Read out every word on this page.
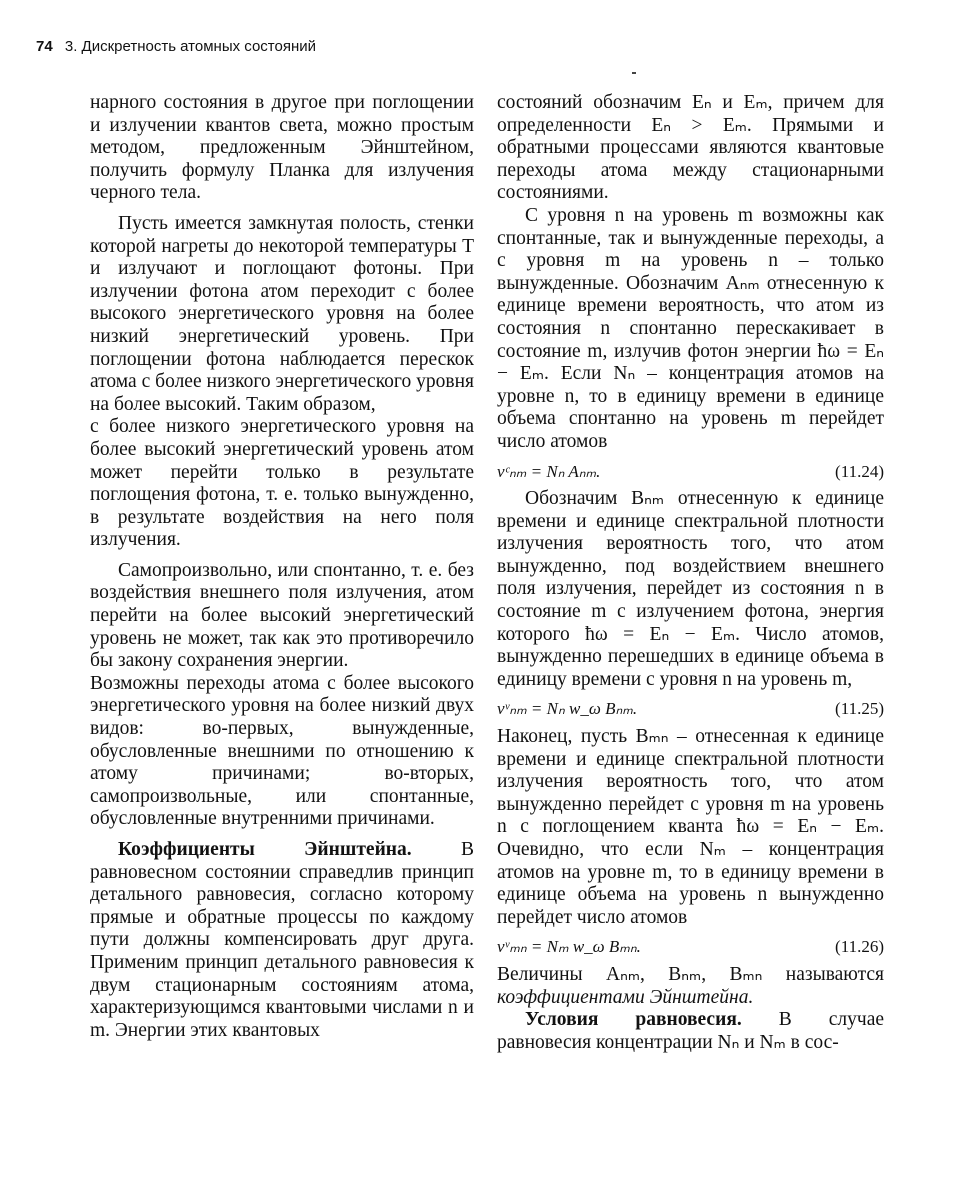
74 3. Дискретность атомных состояний

нарного состояния в другое при поглощении и излучении квантов света, можно простым методом, предложенным Эйнштейном, получить формулу Планка для излучения черного тела.

Пусть имеется замкнутая полость, стенки которой нагреты до некоторой температуры T и излучают и поглощают фотоны. При излучении фотона атом переходит с более высокого энергетического уровня на более низкий энергетический уровень. При поглощении фотона наблюдается перескок атома с более низкого энергетического уровня на более высокий. Таким образом,

с более низкого энергетического уровня на более высокий энергетический уровень атом может перейти только в результате поглощения фотона, т. е. только вынужденно, в результате воздействия на него поля излучения.

Самопроизвольно, или спонтанно, т. е. без воздействия внешнего поля излучения, атом перейти на более высокий энергетический уровень не может, так как это противоречило бы закону сохранения энергии.

Возможны переходы атома с более высокого энергетического уровня на более низкий двух видов: во-первых, вынужденные, обусловленные внешними по отношению к атому причинами; во-вторых, самопроизвольные, или спонтанные, обусловленные внутренними причинами.

Коэффициенты Эйнштейна. В равновесном состоянии справедлив принцип детального равновесия, согласно которому прямые и обратные процессы по каждому пути должны компенсировать друг друга. Применим принцип детального равновесия к двум стационарным состояниям атома, характеризующимся квантовыми числами n и m. Энергии этих квантовых

состояний обозначим Eₙ и Eₘ, причем для определенности Eₙ > Eₘ. Прямыми и обратными процессами являются квантовые переходы атома между стационарными состояниями.

С уровня n на уровень m возможны как спонтанные, так и вынужденные переходы, а с уровня m на уровень n – только вынужденные. Обозначим Aₙₘ отнесенную к единице времени вероятность, что атом из состояния n спонтанно перескакивает в состояние m, излучив фотон энергии ħω = Eₙ − Eₘ. Если Nₙ – концентрация атомов на уровне n, то в единицу времени в единице объема спонтанно на уровень m перейдет число атомов

νᶜₙₘ = Nₙ Aₙₘ.	(11.24)

Обозначим Bₙₘ отнесенную к единице времени и единице спектральной плотности излучения вероятность того, что атом вынужденно, под воздействием внешнего поля излучения, перейдет из состояния n в состояние m с излучением фотона, энергия которого ħω = Eₙ − Eₘ. Число атомов, вынужденно перешедших в единице объема в единицу времени с уровня n на уровень m,

νᵛₙₘ = Nₙ w_ω Bₙₘ.	(11.25)

Наконец, пусть Bₘₙ – отнесенная к единице времени и единице спектральной плотности излучения вероятность того, что атом вынужденно перейдет с уровня m на уровень n с поглощением кванта ħω = Eₙ − Eₘ. Очевидно, что если Nₘ – концентрация атомов на уровне m, то в единицу времени в единице объема на уровень n вынужденно перейдет число атомов

νᵛₘₙ = Nₘ w_ω Bₘₙ.	(11.26)

Величины Aₙₘ, Bₙₘ, Bₘₙ называются коэффициентами Эйнштейна.

Условия равновесия. В случае равновесия концентрации Nₙ и Nₘ в сос-
